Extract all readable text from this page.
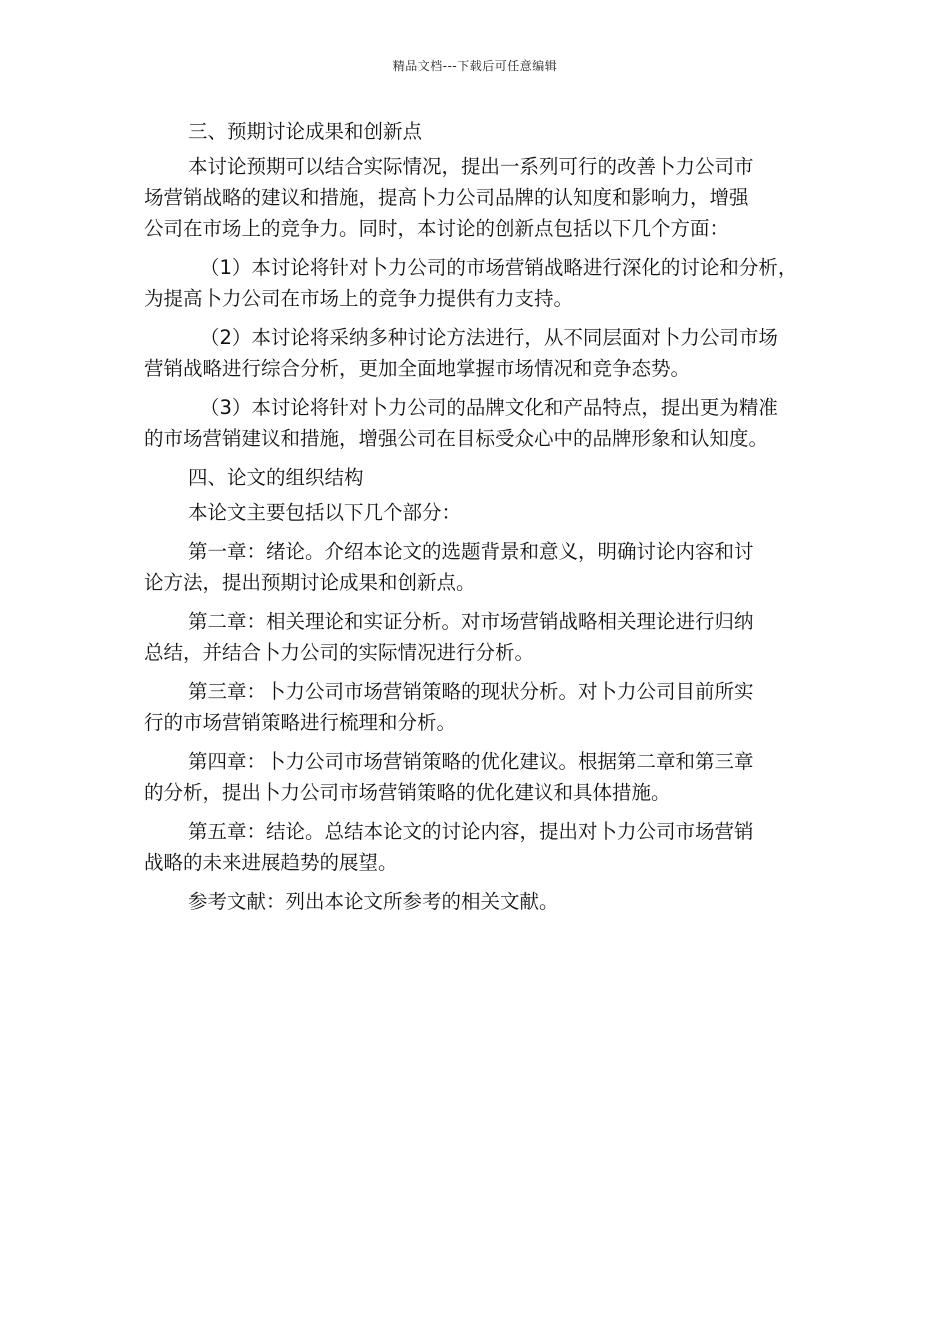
精品文档---下载后可任意编辑

三、预期讨论成果和创新点

本讨论预期可以结合实际情况，提出一系列可行的改善卜力公司市

场营销战略的建议和措施，提高卜力公司品牌的认知度和影响力，增强

公司在市场上的竞争力。同时，本讨论的创新点包括以下几个方面：

（1）本讨论将针对卜力公司的市场营销战略进行深化的讨论和分析，

为提高卜力公司在市场上的竞争力提供有力支持。

（2）本讨论将采纳多种讨论方法进行，从不同层面对卜力公司市场

营销战略进行综合分析，更加全面地掌握市场情况和竞争态势。

（3）本讨论将针对卜力公司的品牌文化和产品特点，提出更为精准

的市场营销建议和措施，增强公司在目标受众心中的品牌形象和认知度。

四、论文的组织结构

本论文主要包括以下几个部分：

第一章：绪论。介绍本论文的选题背景和意义，明确讨论内容和讨

论方法，提出预期讨论成果和创新点。

第二章：相关理论和实证分析。对市场营销战略相关理论进行归纳

总结，并结合卜力公司的实际情况进行分析。

第三章：卜力公司市场营销策略的现状分析。对卜力公司目前所实

行的市场营销策略进行梳理和分析。

第四章：卜力公司市场营销策略的优化建议。根据第二章和第三章

的分析，提出卜力公司市场营销策略的优化建议和具体措施。

第五章：结论。总结本论文的讨论内容，提出对卜力公司市场营销

战略的未来进展趋势的展望。

参考文献：列出本论文所参考的相关文献。
